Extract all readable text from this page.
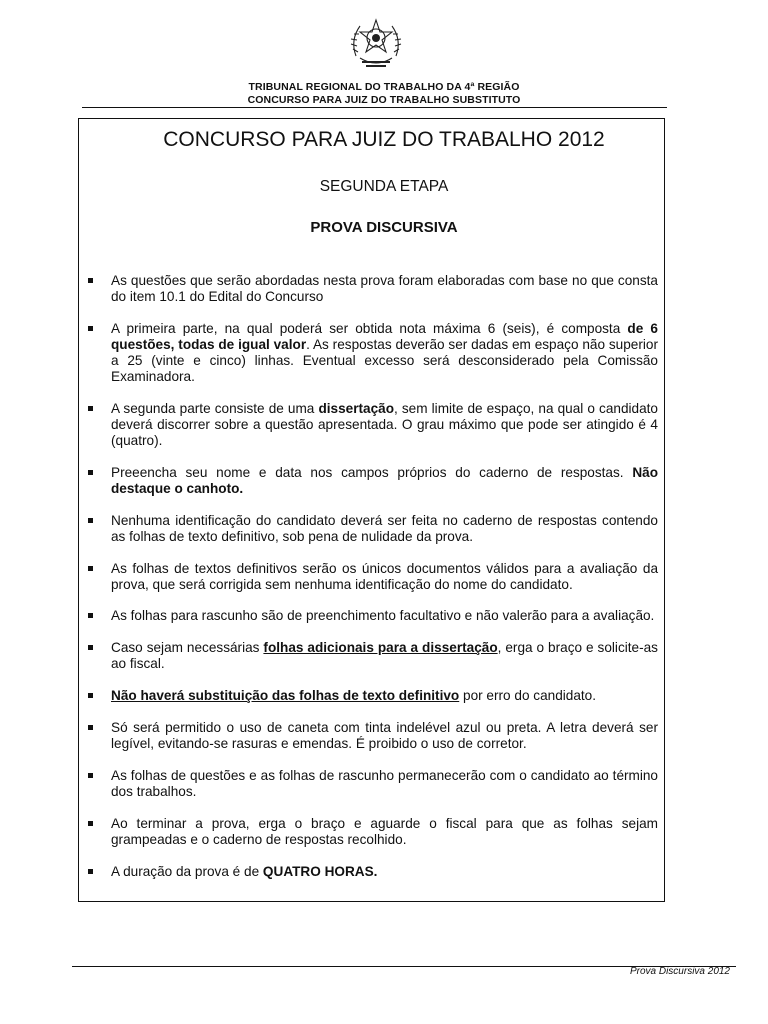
TRIBUNAL REGIONAL DO TRABALHO DA 4ª REGIÃO
CONCURSO PARA JUIZ DO TRABALHO SUBSTITUTO
CONCURSO PARA JUIZ DO TRABALHO 2012
SEGUNDA ETAPA
PROVA DISCURSIVA
As questões que serão abordadas nesta prova foram elaboradas com base no que consta do item 10.1 do Edital do Concurso
A primeira parte, na qual poderá ser obtida nota máxima 6 (seis), é composta de 6 questões, todas de igual valor. As respostas deverão ser dadas em espaço não superior a 25 (vinte e cinco) linhas. Eventual excesso será desconsiderado pela Comissão Examinadora.
A segunda parte consiste de uma dissertação, sem limite de espaço, na qual o candidato deverá discorrer sobre a questão apresentada. O grau máximo que pode ser atingido é 4 (quatro).
Preeencha seu nome e data nos campos próprios do caderno de respostas. Não destaque o canhoto.
Nenhuma identificação do candidato deverá ser feita no caderno de respostas contendo as folhas de texto definitivo, sob pena de nulidade da prova.
As folhas de textos definitivos serão os únicos documentos válidos para a avaliação da prova, que será corrigida sem nenhuma identificação do nome do candidato.
As folhas para rascunho são de preenchimento facultativo e não valerão para a avaliação.
Caso sejam necessárias folhas adicionais para a dissertação, erga o braço e solicite-as ao fiscal.
Não haverá substituição das folhas de texto definitivo por erro do candidato.
Só será permitido o uso de caneta com tinta indelével azul ou preta. A letra deverá ser legível, evitando-se rasuras e emendas. É proibido o uso de corretor.
As folhas de questões e as folhas de rascunho permanecerão com o candidato ao término dos trabalhos.
Ao terminar a prova, erga o braço e aguarde o fiscal para que as folhas sejam grampeadas e o caderno de respostas recolhido.
A duração da prova é de QUATRO HORAS.
Prova Discursiva 2012
